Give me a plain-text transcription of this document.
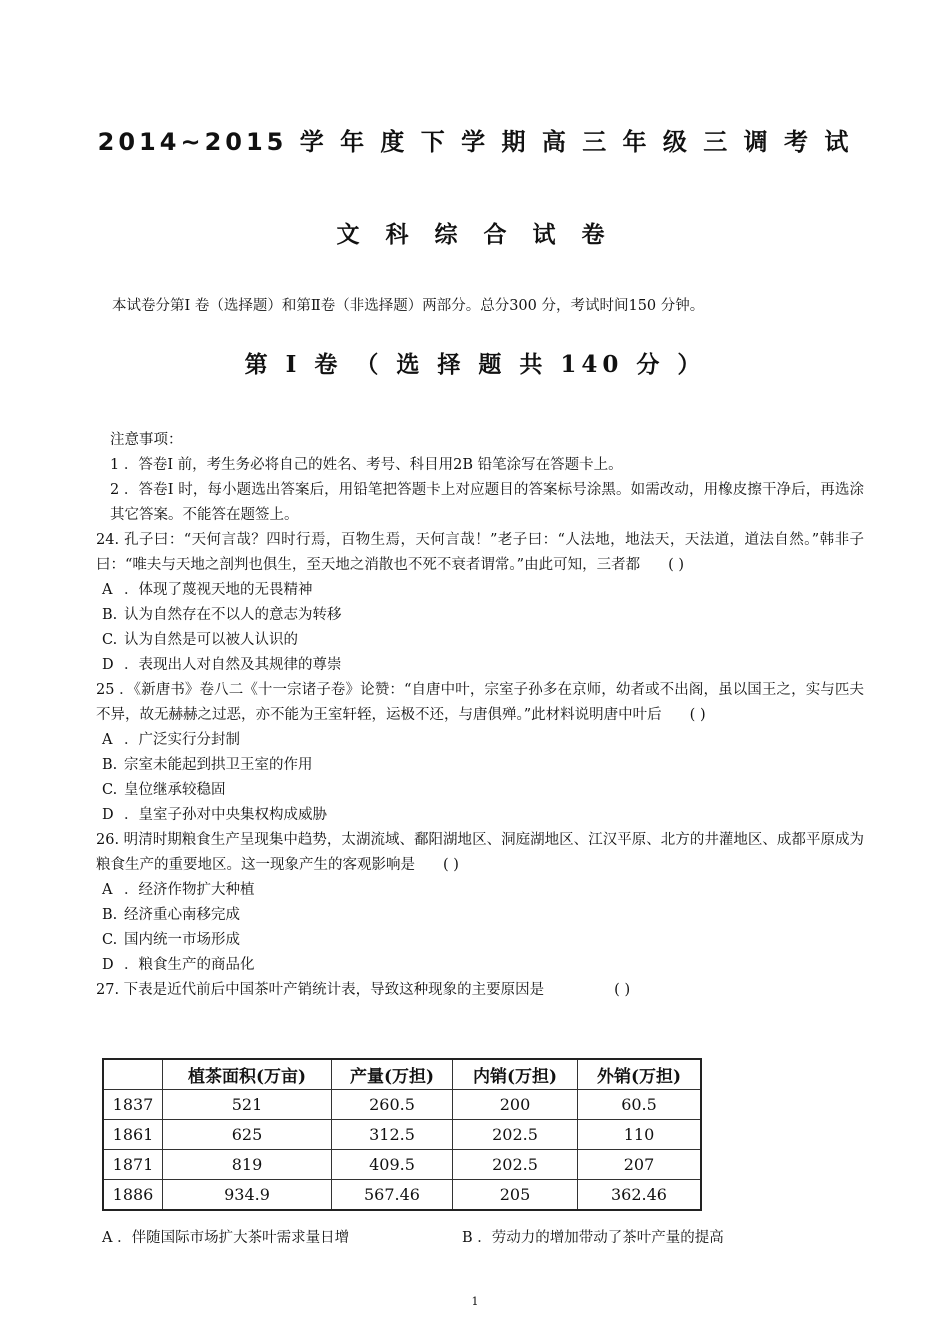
2014~2015 学 年 度 下 学 期 高 三 年 级 三 调 考 试
文 科 综 合 试 卷
本试卷分第Ⅰ 卷（选择题）和第Ⅱ卷（非选择题）两部分。总分300 分，考试时间150 分钟。
第 I 卷 （ 选 择 题 共 140 分 ）

注意事项：

1 ．答卷Ⅰ 前，考生务必将自己的姓名、考号、科目用2B 铅笔涂写在答题卡上。

2 ．答卷Ⅰ 时，每小题选出答案后，用铅笔把答题卡上对应题目的答案标号涂黑。如需改动，用橡皮擦干净后，再选涂其它答案。不能答在题签上。

24. 孔子曰：“天何言哉？四时行焉，百物生焉，天何言哉！”老子曰：“人法地，地法天，天法道，道法自然。”韩非子曰：“唯夫与天地之剖判也俱生，至天地之消散也不死不衰者谓常。”由此可知，三者都 ( )

A ．体现了蔑视天地的无畏精神

B. 认为自然存在不以人的意志为转移

C. 认为自然是可以被人认识的

D ．表现出人对自然及其规律的尊崇

25 ．《新唐书》卷八二《十一宗诸子卷》论赞：“自唐中叶，宗室子孙多在京师，幼者或不出阁，虽以国王之，实与匹夫不异，故无赫赫之过恶，亦不能为王室轩轾，运极不还，与唐俱殚。”此材料说明唐中叶后 ( )

A ．广泛实行分封制

B. 宗室未能起到拱卫王室的作用

C. 皇位继承较稳固

D ．皇室子孙对中央集权构成威胁

26. 明清时期粮食生产呈现集中趋势，太湖流域、鄱阳湖地区、洞庭湖地区、江汉平原、北方的井灌地区、成都平原成为粮食生产的重要地区。这一现象产生的客观影响是 ( )

A ．经济作物扩大种植

B. 经济重心南移完成

C. 国内统一市场形成

D ．粮食生产的商品化

27. 下表是近代前后中国茶叶产销统计表，导致这种现象的主要原因是	( )

	植茶面积(万亩)	产量(万担)	内销(万担)	外销(万担)
1837	521	260.5	200	60.5
1861	625	312.5	202.5	110
1871	819	409.5	202.5	207
1886	934.9	567.46	205	362.46
A ．伴随国际市场扩大茶叶需求量日增	B ．劳动力的增加带动了茶叶产量的提高
1
